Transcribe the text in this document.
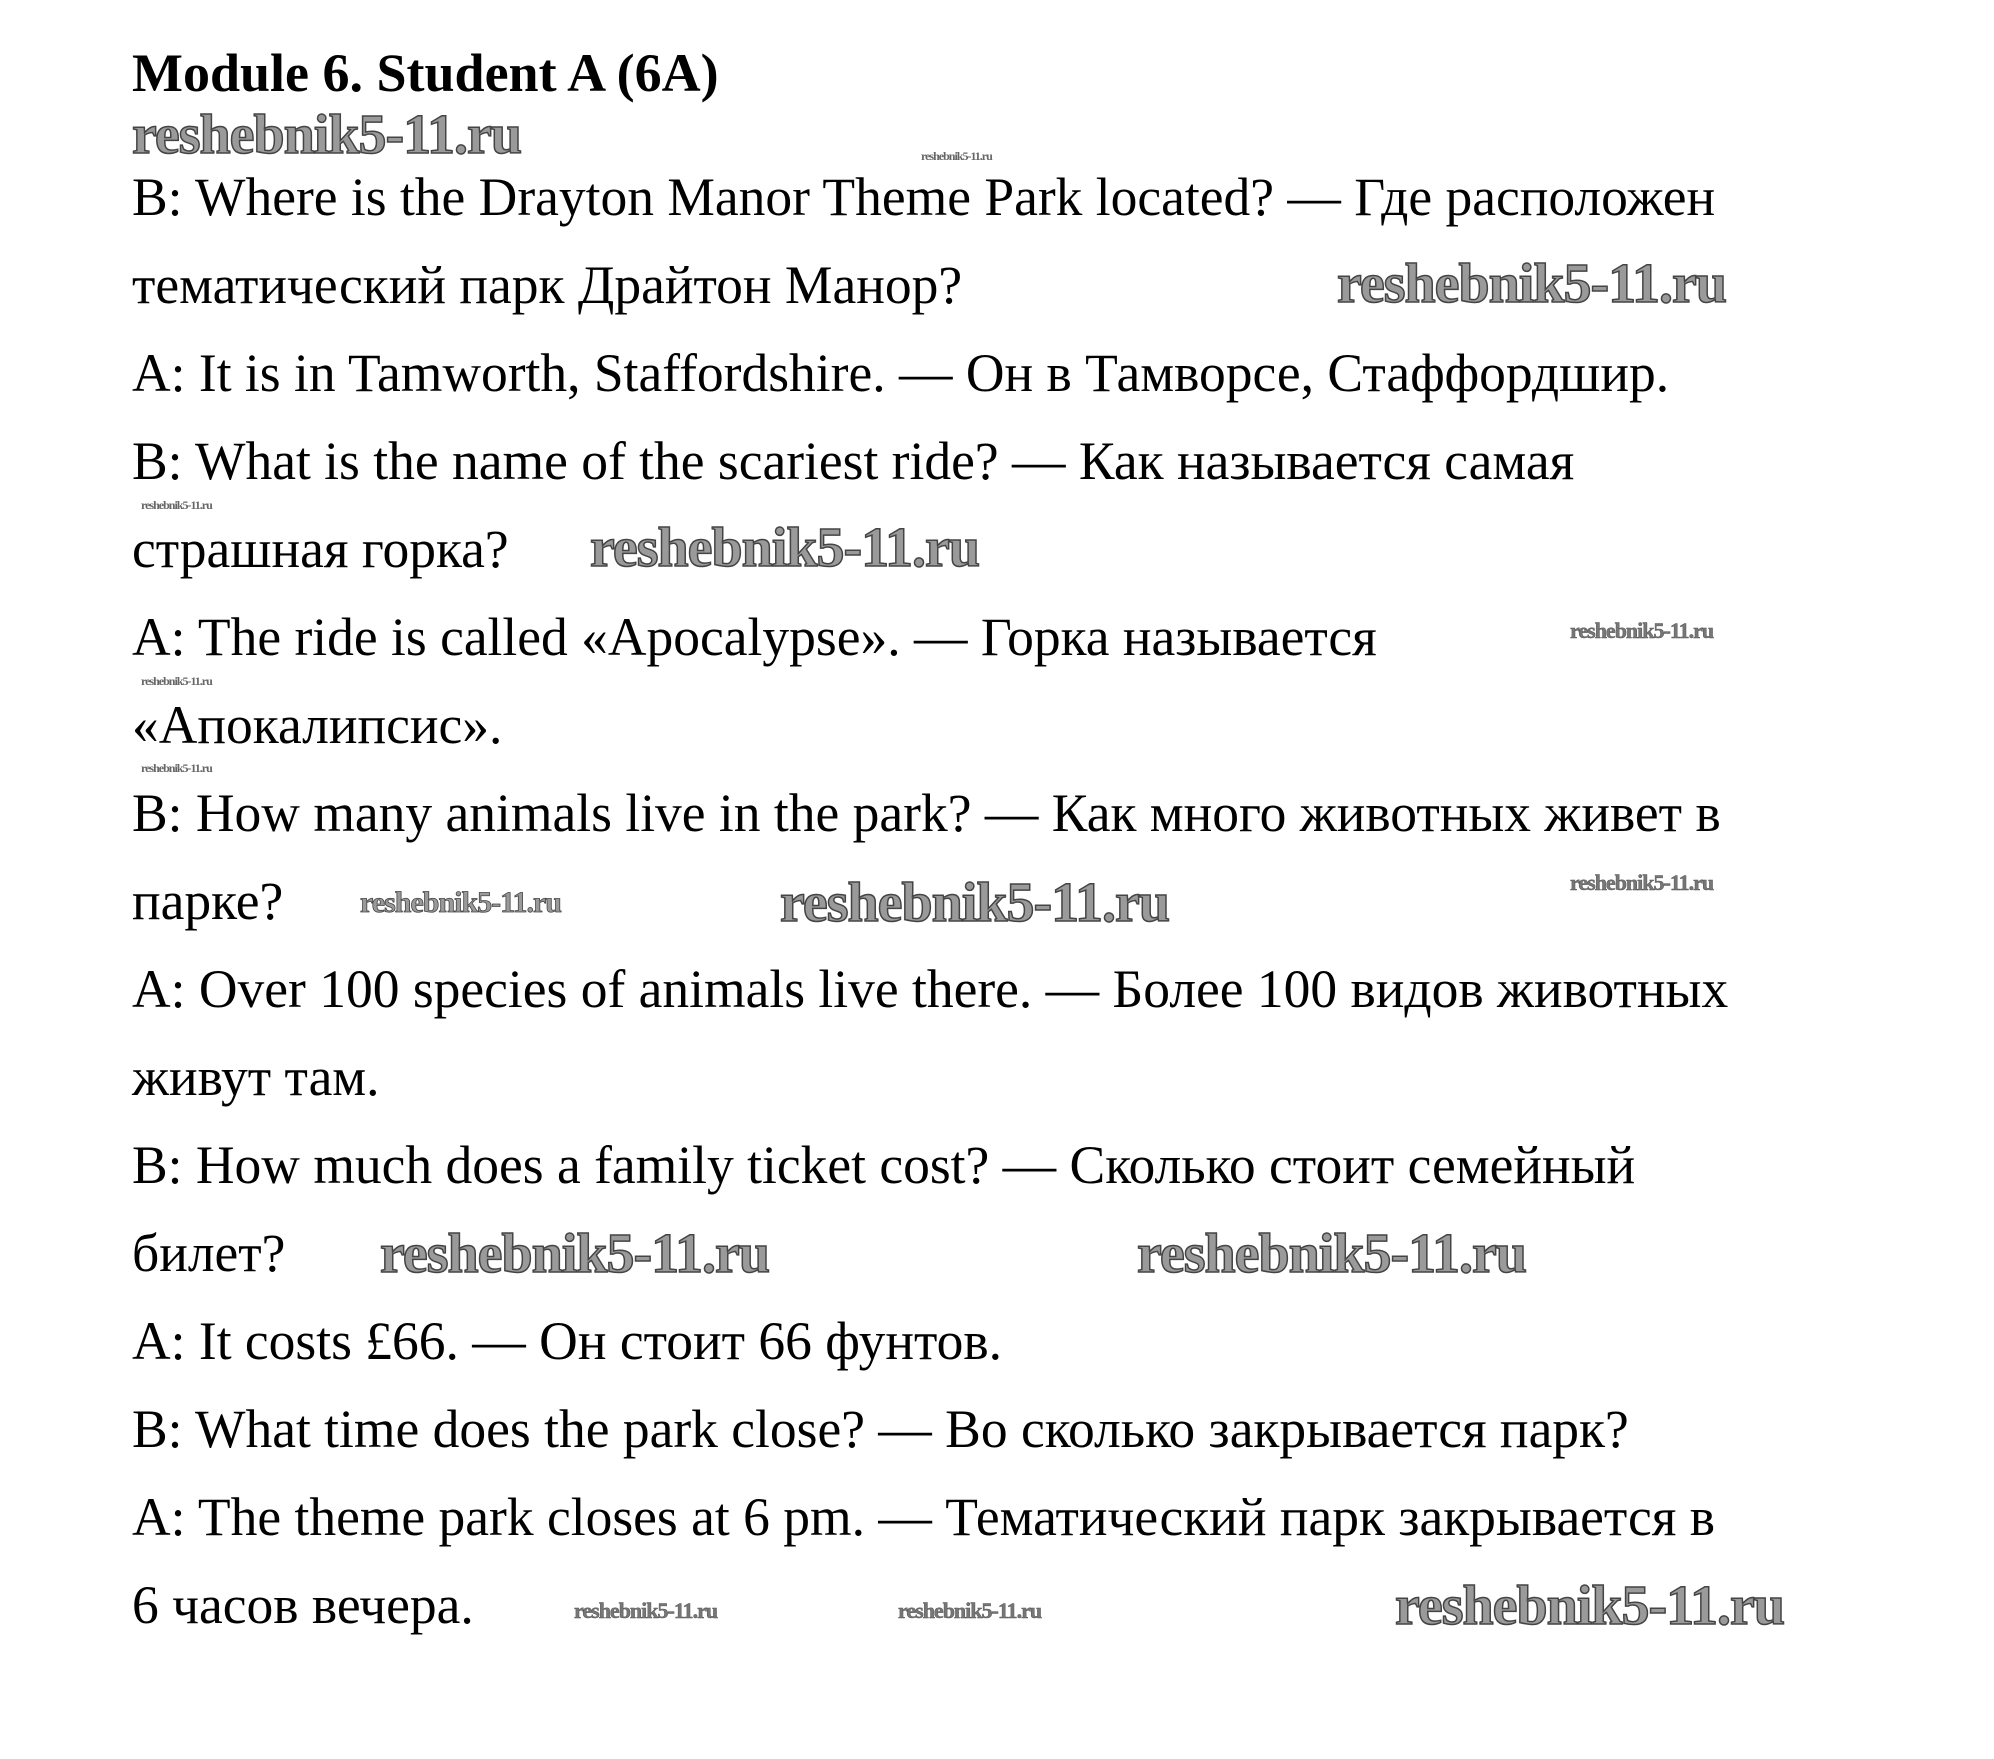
Module 6. Student A (6A)
B: Where is the Drayton Manor Theme Park located? — Где расположен
тематический парк Драйтон Манор?
A: It is in Tamworth, Staffordshire. — Он в Тамворсе, Стаффордшир.
B: What is the name of the scariest ride? — Как называется самая
страшная горка?
A: The ride is called «Apocalypse». — Горка называется
«Апокалипсис».
B: How many animals live in the park? — Как много животных живет в
парке?
A: Over 100 species of animals live there. — Более 100 видов животных
живут там.
B: How much does a family ticket cost? — Сколько стоит семейный
билет?
A: It costs £66. — Он стоит 66 фунтов.
B: What time does the park close? — Во сколько закрывается парк?
A: The theme park closes at 6 pm. — Тематический парк закрывается в
6 часов вечера.
reshebnik5-11.ru	reshebnik5-11.ru
reshebnik5-11.ru
reshebnik5-11.ru
reshebnik5-11.ru
reshebnik5-11.ru
reshebnik5-11.ru
reshebnik5-11.ru
reshebnik5-11.ru
reshebnik5-11.ru
reshebnik5-11.ru
reshebnik5-11.ru
reshebnik5-11.ru
reshebnik5-11.ru
reshebnik5-11.ru	reshebnik5-11.ru
